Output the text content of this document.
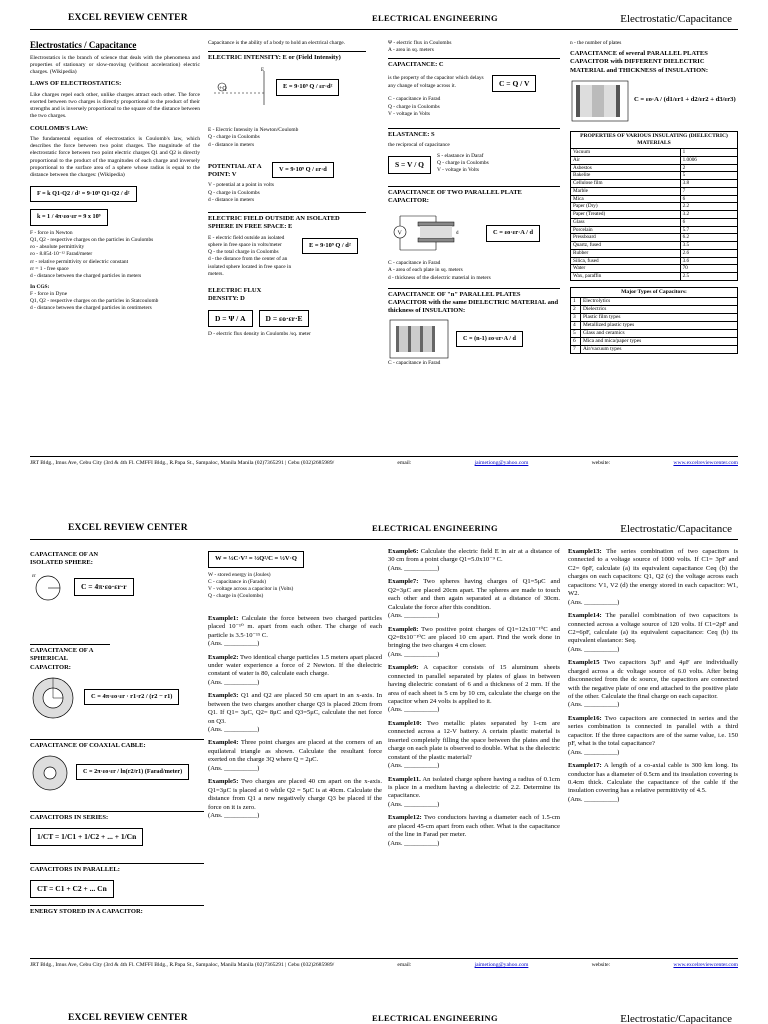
EXCEL REVIEW CENTER	ELECTRICAL ENGINEERING	Electrostatic/Capacitance
Electrostatics / Capacitance

Electrostatics is the branch of science that deals with the phenomena and properties of stationary or slow-moving (without acceleration) electric charges. (Wikipedia)

LAWS OF ELECTROSTATICS:

Like charges repel each other, unlike charges attract each other. The force exerted between two charges is directly proportional to the product of their strengths and is inversely proportional to the square of the distance between the two charges.

COULOMB'S LAW:

The fundamental equation of electrostatics is Coulomb's law, which describes the force between two point charges. The magnitude of the electrostatic force between two point electric charges Q1 and Q2 is directly proportional to the product of the magnitudes of each charge and inversely proportional to the surface area of a sphere whose radius is equal to the distance between the charges: (Wikipedia)

F = k Q1·Q2 / d² = 9·10⁹ Q1·Q2 / d² k = 1 / 4π·εo·εr = 9 x 10⁹
F - force in Newton
Q1, Q2 - respective charges on the particles in Coulombs
εo - absolute permittivity
εo - 8.854·10⁻¹² Farad/meter
εr - relative permittivity or dielectric constant
εr = 1 - free space
d - distance between the charged particles in meters
In CGS:
F - force in Dyne
Q1, Q2 - respective charges on the particles in Statcoulomb
d - distance between the charged particles in centimeters

Capacitance is the ability of a body to hold an electrical charge.

ELECTRIC INTENSITY: E or (Field Intensity)
+Q
E
E = 9·10⁹ Q / εr·d²
E - Electric Intensity in Newton/Coulomb
Q - charge in Coulombs
d - distance in meters
POTENTIAL AT A POINT: V
V = 9·10⁹ Q / εr·d
V - potential at a point in volts
Q - charge in Coulombs
d - distance in meters
ELECTRIC FIELD OUTSIDE AN ISOLATED SPHERE IN FREE SPACE: E
E - electric field outside an isolated sphere in free space in volts/meter
Q - the total charge in Coulombs
d - the distance from the center of an isolated sphere located in free space in meters.
E = 9·10⁹ Q / d²
ELECTRIC FLUX DENSITY: D
D = Ψ / A	D = εo·εr·E
D - electric flux density in Coulombs /sq. meter
Ψ - electric flux in Coulombs
A - area in sq. meters
CAPACITANCE: C
is the property of the capacitor which delays any change of voltage across it.	C = Q / V
C - capacitance in Farad
Q - charge in Coulombs
V - voltage in Volts
ELASTANCE: S
the reciprocal of capacitance
S = V / Q
S - elastance in Daraf
Q - charge in Coulombs
V - voltage in Volts
CAPACITANCE OF TWO PARALLEL PLATE CAPACITOR:
V	d	C = εo·εr·A / d
C - capacitance in Farad
A - area of each plate in sq. meters
d - thickness of the dielectric material in meters
CAPACITANCE OF "n" PARALLEL PLATES CAPACITOR with the same DIELECTRIC MATERIAL and thickness of INSULATION:
C = (n-1) εo·εr·A / d
C - capacitance in Farad
n - the number of plates
CAPACITANCE of several PARALLEL PLATES CAPACITOR with DIFFERENT DIELECTRIC MATERIAL and THICKNESS of INSULATION:
C = εo·A / (d1/εr1 + d2/εr2 + d3/εr3)
PROPERTIES OF VARIOUS INSULATING (DIELECTRIC) MATERIALS	
Vacuum	1
Air	1.0006
Asbestos	2
Bakelite	5
Cellulose film	3.8
Marble	7
Mica	6
Paper (Dry)	2.2
Paper (Treated)	3.2
Glass	6
Porcelain	5.7
Pressboard	6.2
Quartz, fused	3.5
Rubber	2.6
Silica, fused	3.6
Water	70
Wax, paraffin	2.5
Major Types of Capacitors:	
1	Electrolytics
2	Dielectrics
3	Plastic film types
4	Metallized plastic types
5	Glass and ceramics
6	Mica and mica/paper types
7	Air/vacuum types
JRT Bldg., Imus Ave, Cebu City (3rd & 4th Fl. CMFFI Bldg., R.Papa St., Sampaloc, Manila Manila (02)7365291 | Cebu (032)2685989/	email:	jaimetiong@yahoo.com	website:	www.excelreviewcenter.com
EXCEL REVIEW CENTER	ELECTRICAL ENGINEERING	Electrostatic/Capacitance
CAPACITANCE OF AN ISOLATED SPHERE:
εr
C = 4π·εo·εr·r
CAPACITANCE OF A SPHERICAL CAPACITOR:
C = 4π·εo·εr · r1·r2 / (r2 − r1)
CAPACITANCE OF COAXIAL CABLE:
C = 2π·εo·εr / ln(r2/r1) (Farad/meter)
CAPACITORS IN SERIES:
1/CT = 1/C1 + 1/C2 + ... + 1/Cn
CAPACITORS IN PARALLEL:
CT = C1 + C2 + ... Cn
ENERGY STORED IN A CAPACITOR:
W = ½C·V² = ½Q²/C = ½V·Q
W - stored energy in (Joules)
C - capacitance in (Farads)
V - voltage across a capacitor in (Volts)
Q - charge in (Coulombs)
Example1: Calculate the force between two charged particles placed 10⁻¹⁰ m. apart from each other. The charge of each particle is 3.5·10⁻¹⁵ C.
(Ans. __________)
Example2: Two identical charge particles 1.5 meters apart placed under water experience a force of 2 Newton. If the dielectric constant of water is 80, calculate each charge.
(Ans. __________)
Example3: Q1 and Q2 are placed 50 cm apart in an x-axis. In between the two charges another charge Q3 is placed 20cm from Q1. If Q1= 3μC, Q2= 8μC and Q3=5μC, calculate the net force on Q3.
(Ans. __________)
Example4: Three point charges are placed at the corners of an equilateral triangle as shown. Calculate the resultant force exerted on the charge 3Q where Q = 2μC.
(Ans. __________)
Example5: Two charges are placed 40 cm apart on the x-axis. Q1=3μC is placed at 0 while Q2 = 5μC is at 40cm. Calculate the distance from Q1 a new negatively charge Q3 be placed if the force on it is zero.
(Ans. __________)
Example6: Calculate the electric field E in air at a distance of 30 cm from a point charge Q1=5.0x10⁻⁹ C.
(Ans. __________)
Example7: Two spheres having charges of Q1=5μC and Q2=3μC are placed 20cm apart. The spheres are made to touch each other and then again separated at a distance of 30cm. Calculate the force after this condition.
(Ans. __________)
Example8: Two positive point charges of Q1=12x10⁻¹⁰C and Q2=8x10⁻¹⁰C are placed 10 cm apart. Find the work done in bringing the two charges 4 cm closer.
(Ans. __________)
Example9: A capacitor consists of 15 aluminum sheets connected in parallel separated by plates of glass in between having dielectric constant of 6 and a thickness of 2 mm. If the area of each sheet is 5 cm by 10 cm, calculate the charge on the capacitor when 24 volts is applied to it.
(Ans. __________)
Example10: Two metallic plates separated by 1-cm are connected across a 12-V battery. A certain plastic material is inserted completely filling the space between the plates and the charge on each plate is observed to double. What is the dielectric constant of the plastic material?
(Ans. __________)
Example11. An isolated charge sphere having a radius of 0.1cm is place in a medium having a dielectric of 2.2. Determine its capacitance.
(Ans. __________)
Example12: Two conductors having a diameter each of 1.5-cm are placed 45-cm apart from each other. What is the capacitance of the line in Farad per meter.
(Ans. __________)
Example13: The series combination of two capacitors is connected to a voltage source of 1000 volts. If C1= 3pF and C2= 6pF, calculate (a) its equivalent capacitance Ceq (b) the charges on each capacitors: Q1, Q2 (c) the voltage across each capacitors: V1, V2 (d) the energy stored in each capacitor: W1, W2.
(Ans. __________)
Example14: The parallel combination of two capacitors is connected across a voltage source of 120 volts. If C1=2pF and C2=6pF, calculate (a) its equivalent capacitance: Ceq (b) its equivalent elastance: Seq.
(Ans. __________)
Example15 Two capacitors 3μF and 4μF are individually charged across a dc voltage source of 6.0 volts. After being disconnected from the dc source, the capacitors are connected with the negative plate of one end attached to the positive plate of the other. Calculate the final charge on each capacitor.
(Ans. __________)
Example16: Two capacitors are connected in series and the series combination is connected in parallel with a third capacitor. If the three capacitors are of the same value, i.e. 150 pF, what is the total capacitance?
(Ans. __________)
Example17: A length of a co-axial cable is 300 km long. Its conductor has a diameter of 0.5cm and its insulation covering is 0.4cm thick. Calculate the capacitance of the cable if the insulation covering has a relative permittivity of 4.5.
(Ans. __________)
JRT Bldg., Imus Ave, Cebu City (3rd & 4th Fl. CMFFI Bldg., R.Papa St., Sampaloc, Manila Manila (02)7365291 | Cebu (032)2685989/	email:	jaimetiong@yahoo.com	website:	www.excelreviewcenter.com
EXCEL REVIEW CENTER	ELECTRICAL ENGINEERING	Electrostatic/Capacitance
